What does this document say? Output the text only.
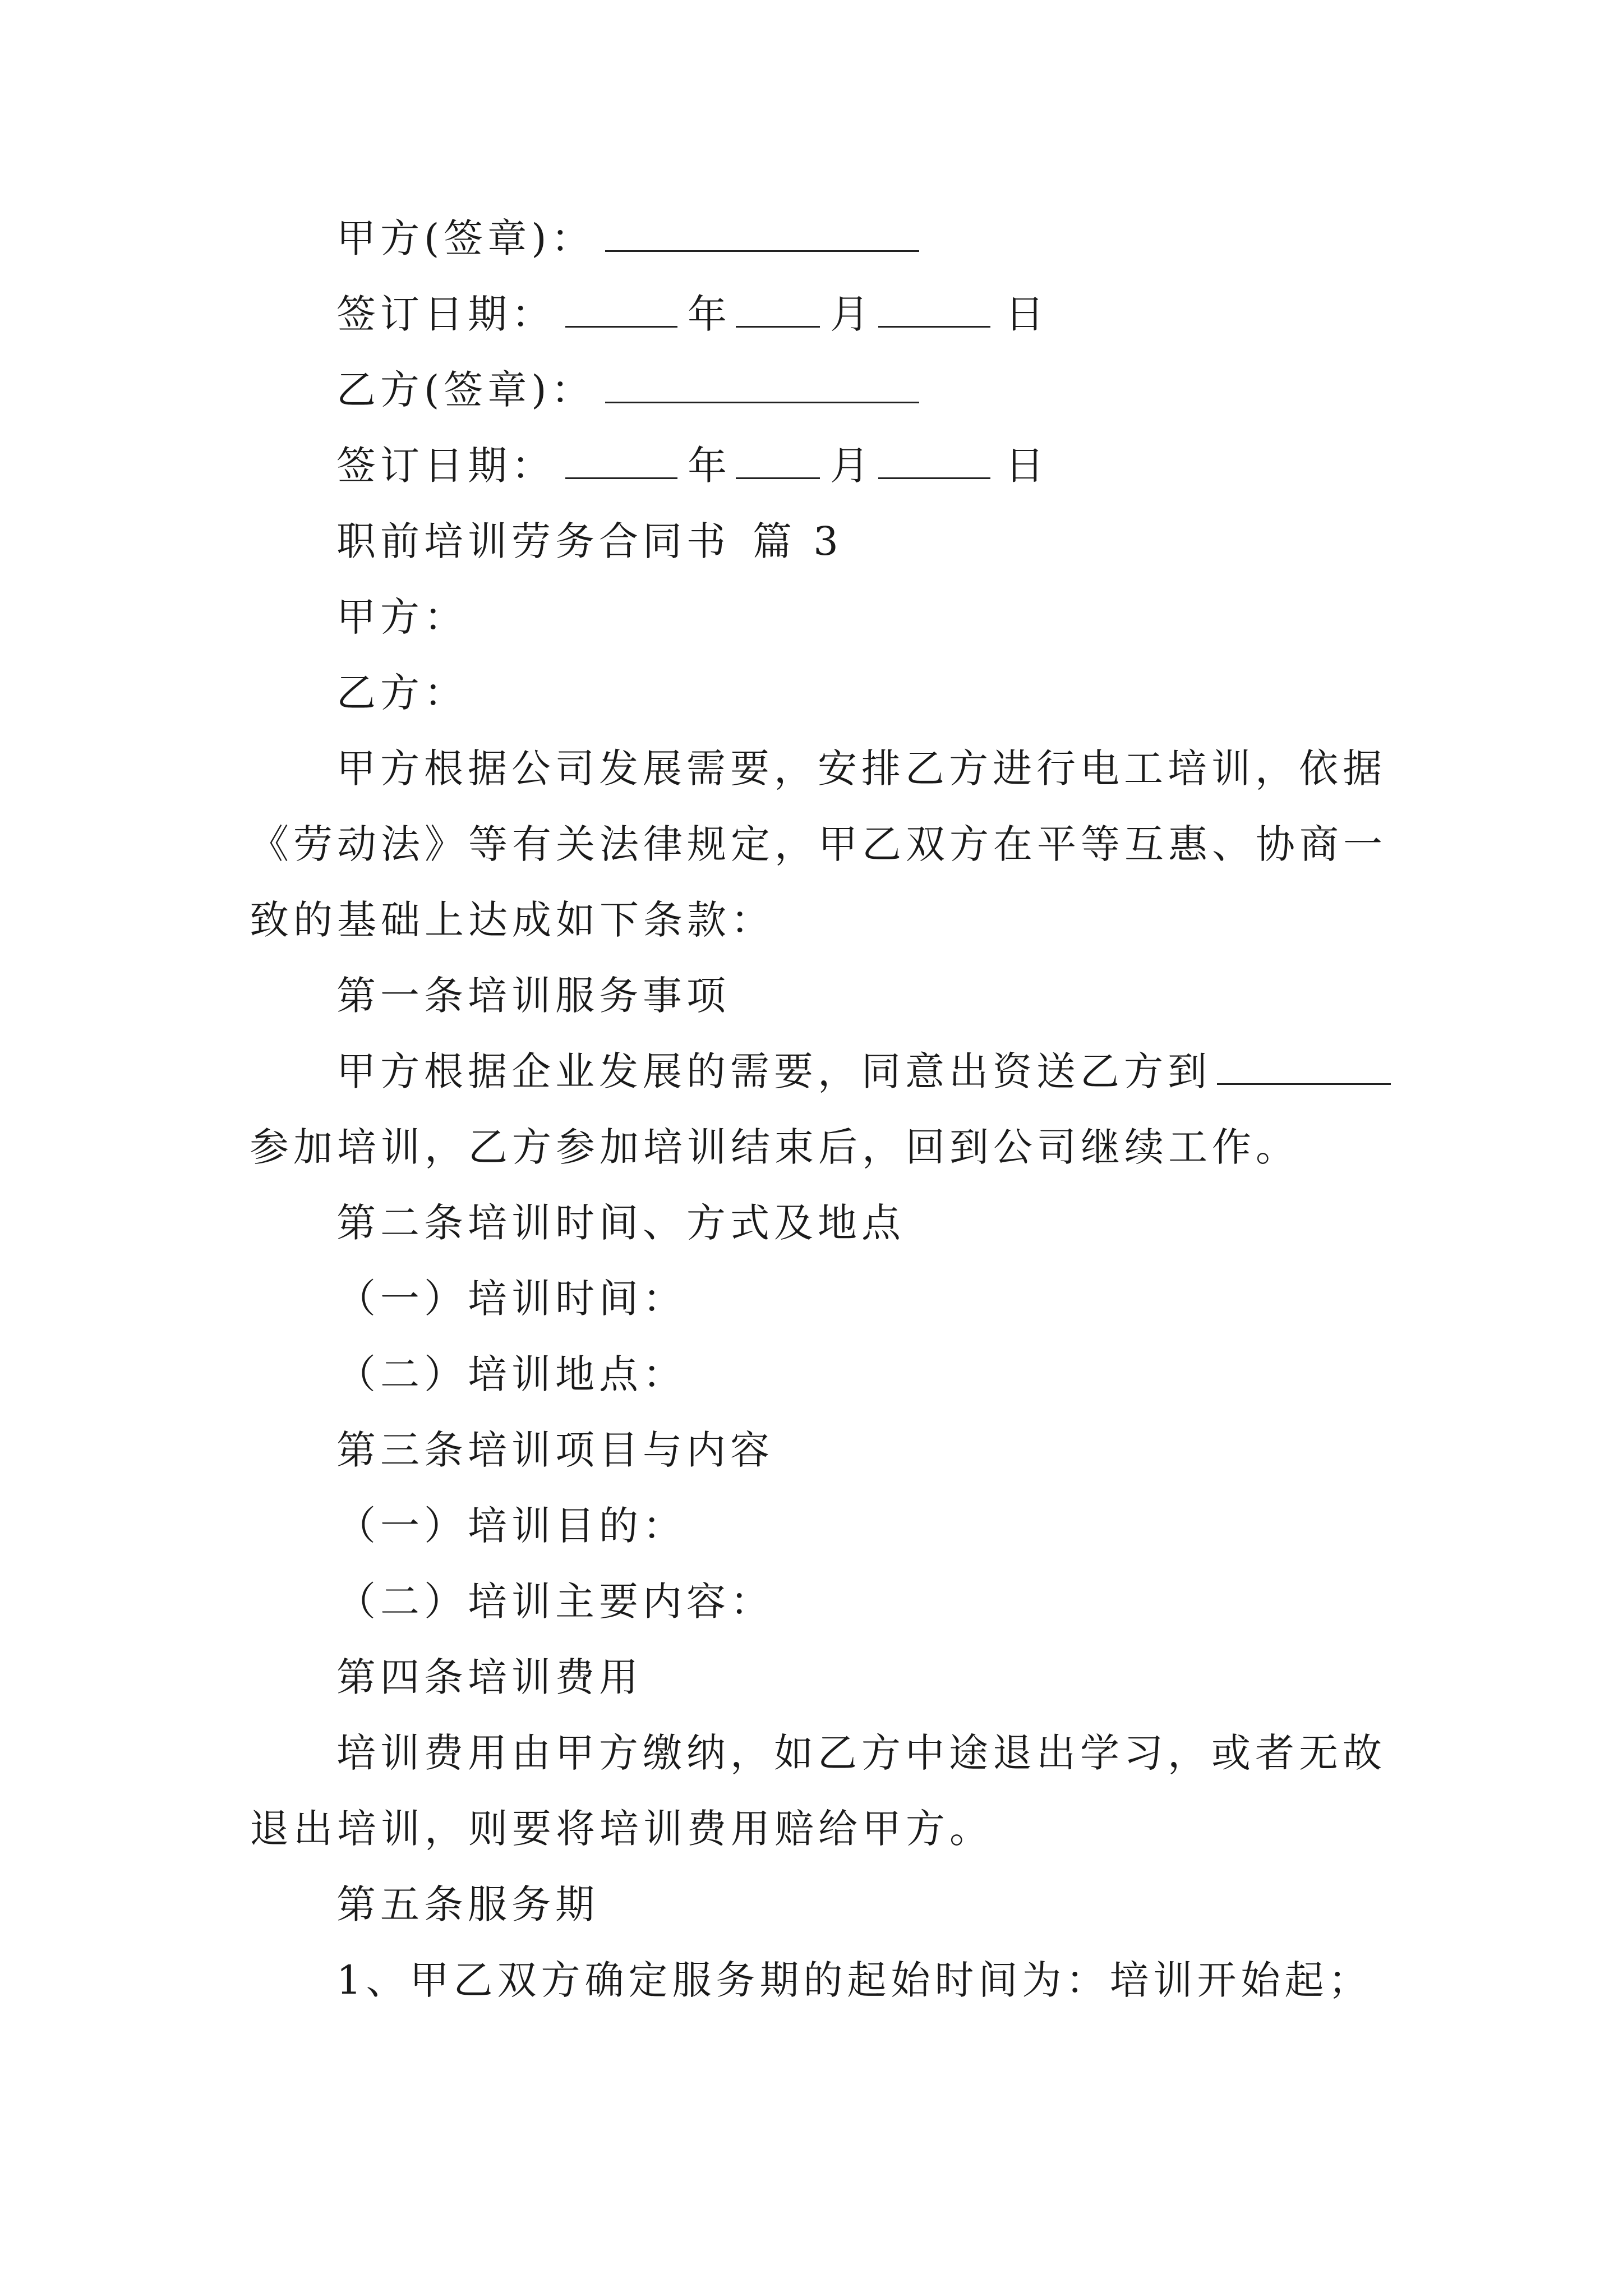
甲方(签章)：
签订日期：	年	月	日
乙方(签章)：
签订日期：	年	月	日
职前培训劳务合同书 篇 3
甲方：
乙方：
甲方根据公司发展需要，安排乙方进行电工培训，依据
《劳动法》等有关法律规定，甲乙双方在平等互惠、协商一
致的基础上达成如下条款：
第一条培训服务事项
甲方根据企业发展的需要，同意出资送乙方到
参加培训，乙方参加培训结束后，回到公司继续工作。
第二条培训时间、方式及地点
（一）培训时间：
（二）培训地点：
第三条培训项目与内容
（一）培训目的：
（二）培训主要内容：
第四条培训费用
培训费用由甲方缴纳，如乙方中途退出学习，或者无故
退出培训，则要将培训费用赔给甲方。
第五条服务期
1、甲乙双方确定服务期的起始时间为：培训开始起；
